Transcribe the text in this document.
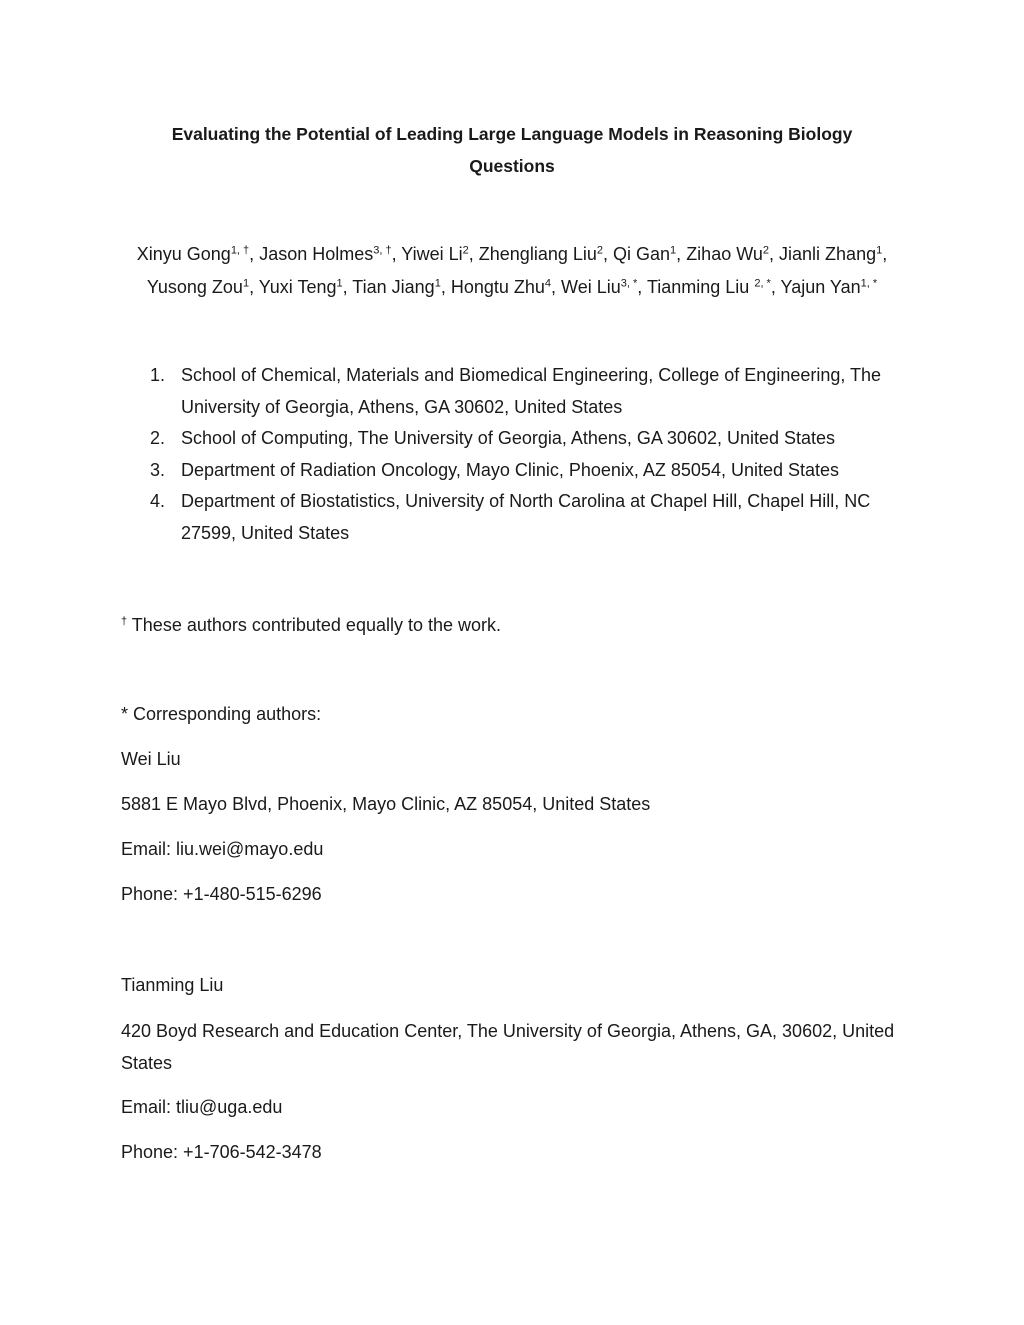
Evaluating the Potential of Leading Large Language Models in Reasoning Biology
Questions
Xinyu Gong$^{1, \dagger}$, Jason Holmes$^{3, \dagger}$, Yiwei Li$^2$, Zhengliang Liu$^2$, Qi Gan$^1$, Zihao Wu$^2$, Jianli Zhang$^1$,
Yusong Zou$^1$, Yuxi Teng$^1$, Tian Jiang$^1$, Hongtu Zhu$^4$, Wei Liu$^{3, *}$, Tianming Liu $^{2, *}$, Yajun Yan$^{1, *}$
1. School of Chemical, Materials and Biomedical Engineering, College of Engineering, The
University of Georgia, Athens, GA 30602, United States
2. School of Computing, The University of Georgia, Athens, GA 30602, United States
3. Department of Radiation Oncology, Mayo Clinic, Phoenix, AZ 85054, United States
4. Department of Biostatistics, University of North Carolina at Chapel Hill, Chapel Hill, NC
27599, United States
† These authors contributed equally to the work.
* Corresponding authors:
Wei Liu
5881 E Mayo Blvd, Phoenix, Mayo Clinic, AZ 85054, United States
Email: liu.wei@mayo.edu
Phone: +1-480-515-6296
Tianming Liu
420 Boyd Research and Education Center, The University of Georgia, Athens, GA, 30602, United
States
Email: tliu@uga.edu
Phone: +1-706-542-3478
